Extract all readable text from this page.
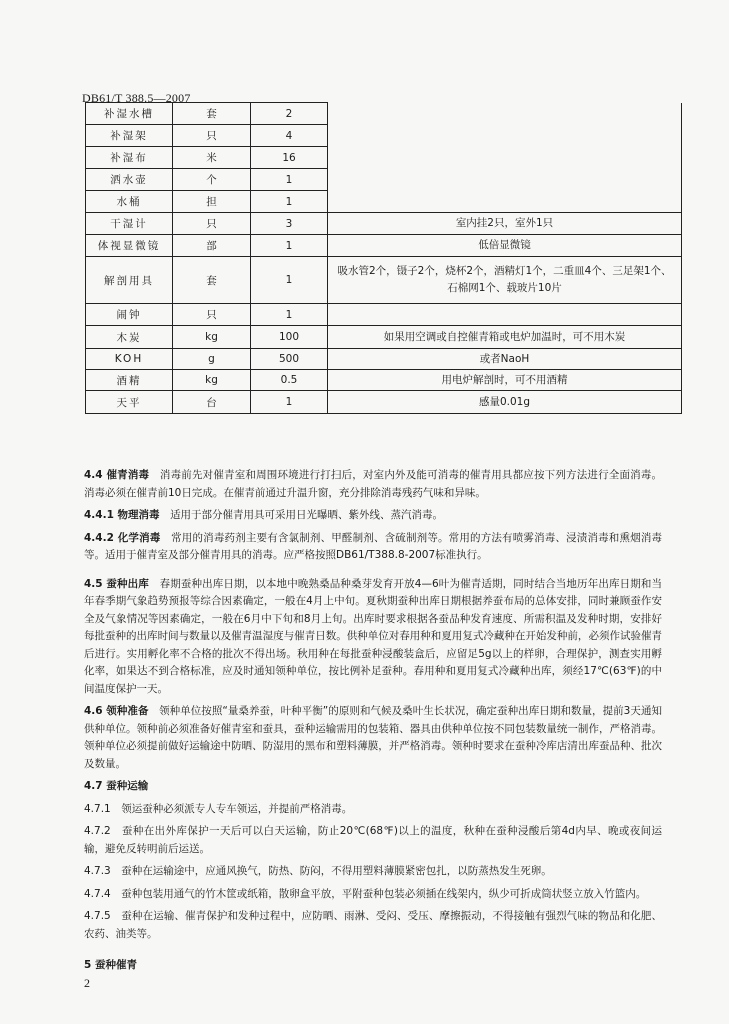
DB61/T 388.5—2007
补湿水槽	套	2	
补湿架	只	4	
补湿布	米	16	
洒水壶	个	1	
水桶	担	1	
干湿计	只	3	室内挂2只，室外1只
体视显微镜	部	1	低倍显微镜
解剖用具	套	1	吸水管2个，镊子2个，烧杯2个，酒精灯1个，二重皿4个、三足架1个、石棉网1个、载玻片10片
闹钟	只	1	
木炭	kg	100	如果用空调或自控催青箱或电炉加温时，可不用木炭
KOH	g	500	或者NaoH
酒精	kg	0.5	用电炉解剖时，可不用酒精
天平	台	1	感量0.01g

4.4 催青消毒　 消毒前先对催青室和周围环境进行打扫后，对室内外及能可消毒的催青用具都应按下列方法进行全面消毒。消毒必须在催青前10日完成。在催青前通过升温升窗，充分排除消毒残药气味和异味。

4.4.1 物理消毒　 适用于部分催青用具可采用日光曝晒、紫外线、蒸汽消毒。

4.4.2 化学消毒　 常用的消毒药剂主要有含氯制剂、甲醛制剂、含硫制剂等。常用的方法有喷雾消毒、浸渍消毒和熏烟消毒等。适用于催青室及部分催青用具的消毒。应严格按照DB61/T388.8-2007标准执行。

4.5 蚕种出库　 春期蚕种出库日期，以本地中晚熟桑品种桑芽发育开放4—6叶为催青适期，同时结合当地历年出库日期和当年春季期气象趋势预报等综合因素确定，一般在4月上中旬。夏秋期蚕种出库日期根据养蚕布局的总体安排，同时兼顾蚕作安全及气象情况等因素确定，一般在6月中下旬和8月上旬。出库时要求根据各蚕品种发育速度、所需积温及发种时期，安排好每批蚕种的出库时间与数量以及催青温湿度与催青日数。供种单位对春用种和夏用复式冷藏种在开始发种前，必须作试验催青后进行。实用孵化率不合格的批次不得出场。秋用种在每批蚕种浸酸装盒后，应留足5g以上的样卵，合理保护，测查实用孵化率，如果达不到合格标准，应及时通知领种单位，按比例补足蚕种。春用种和夏用复式冷藏种出库，须经17℃(63℉)的中间温度保护一天。

4.6 领种准备　 领种单位按照“量桑养蚕，叶种平衡”的原则和气候及桑叶生长状况，确定蚕种出库日期和数量，提前3天通知供种单位。领种前必须准备好催青室和蚕具，蚕种运输需用的包装箱、器具由供种单位按不同包装数量统一制作，严格消毒。领种单位必须提前做好运输途中防晒、防湿用的黑布和塑料薄膜，并严格消毒。领种时要求在蚕种冷库店清出库蚕品种、批次及数量。

4.7 蚕种运输

4.7.1　 领运蚕种必须派专人专车领运，并提前严格消毒。

4.7.2　 蚕种在出外库保护一天后可以白天运输，防止20℃(68℉)以上的温度，秋种在蚕种浸酸后第4d内早、晚或夜间运输，避免反转明前后运送。

4.7.3　 蚕种在运输途中，应通风换气，防热、防闷，不得用塑料薄膜紧密包扎，以防蒸热发生死卵。

4.7.4　 蚕种包装用通气的竹木筐或纸箱，散卵盒平放，平附蚕种包装必须插在线架内，纵少可折成筒状竖立放入竹篮内。

4.7.5　 蚕种在运输、催青保护和发种过程中，应防晒、雨淋、受闷、受压、摩擦振动，不得接触有强烈气味的物品和化肥、农药、油类等。

5 蚕种催青

2
